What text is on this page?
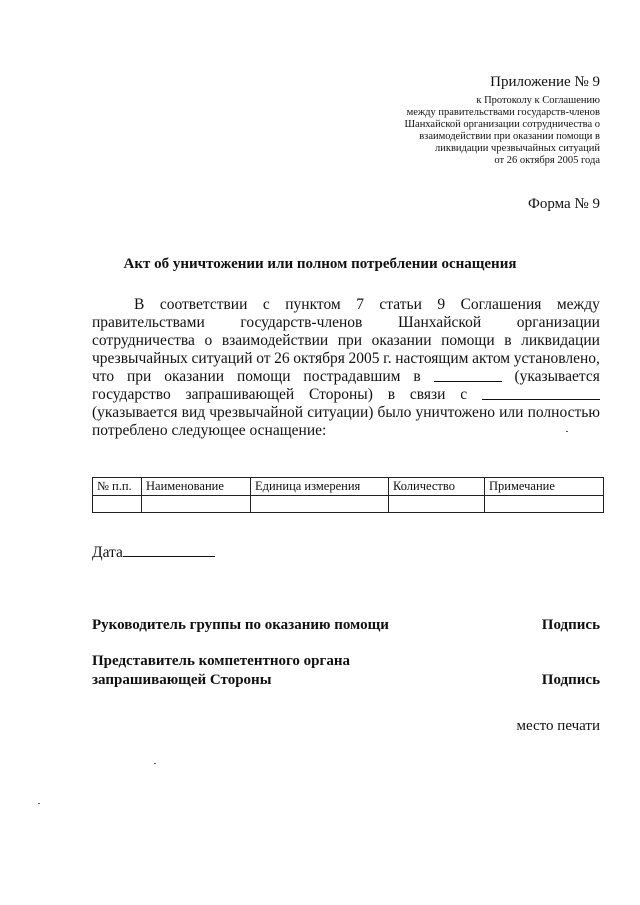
Приложение № 9
к Протоколу к Соглашению
между правительствами государств-членов
Шанхайской организации сотрудничества о
взаимодействии при оказании помощи в
ликвидации чрезвычайных ситуаций
от 26 октября 2005 года
Форма № 9
Акт об уничтожении или полном потреблении оснащения
В соответствии с пунктом 7 статьи 9 Соглашения между
правительствами государств-членов Шанхайской организации
сотрудничества о взаимодействии при оказании помощи в ликвидации
чрезвычайных ситуаций от 26 октября 2005 г. настоящим актом установлено,
что при оказании помощи пострадавшим в	(указывается
государство запрашивающей Стороны) в связи с
(указывается вид чрезвычайной ситуации) было уничтожено или полностью
потреблено следующее оснащение:
№ п.п.	Наименование	Единица измерения	Количество	Примечание

Дата
Руководитель группы по оказанию помощи	Подпись
Представитель компетентного органа
запрашивающей Стороны	Подпись
место печати
